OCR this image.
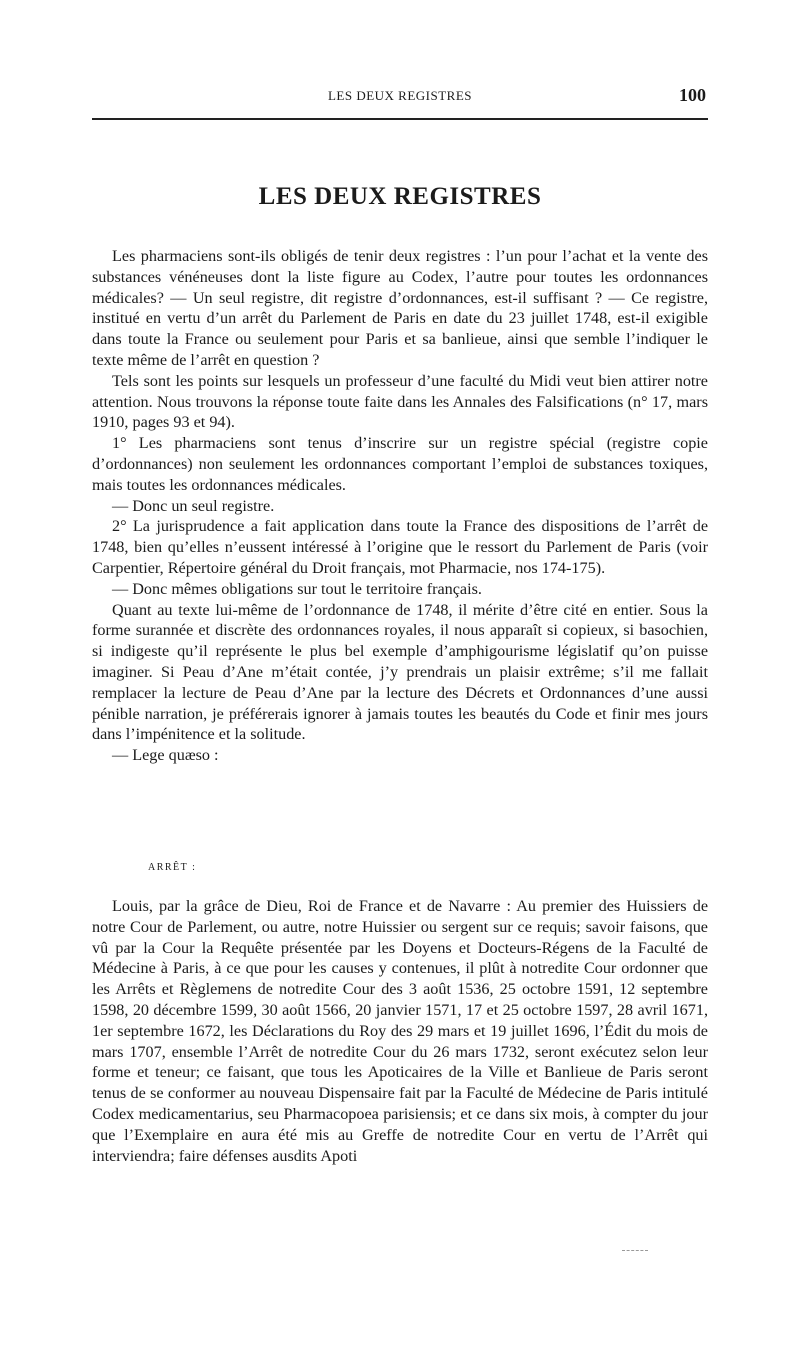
LES DEUX REGISTRES	100
LES DEUX REGISTRES

Les pharmaciens sont-ils obligés de tenir deux registres : l’un pour l’achat et la vente des substances vénéneuses dont la liste figure au Codex, l’autre pour toutes les ordonnances médicales? — Un seul registre, dit registre d’ordonnances, est-il suffisant ? — Ce registre, institué en vertu d’un arrêt du Parlement de Paris en date du 23 juillet 1748, est-il exigible dans toute la France ou seulement pour Paris et sa banlieue, ainsi que semble l’indiquer le texte même de l’arrêt en question ?

Tels sont les points sur lesquels un professeur d’une faculté du Midi veut bien attirer notre attention. Nous trouvons la réponse toute faite dans les Annales des Falsifications (n° 17, mars 1910, pages 93 et 94).

1° Les pharmaciens sont tenus d’inscrire sur un registre spécial (registre copie d’ordonnances) non seulement les ordonnances comportant l’emploi de substances toxiques, mais toutes les ordonnances médicales.

— Donc un seul registre.

2° La jurisprudence a fait application dans toute la France des dispositions de l’arrêt de 1748, bien qu’elles n’eussent intéressé à l’origine que le ressort du Parlement de Paris (voir Carpentier, Répertoire général du Droit français, mot Pharmacie, nos 174-175).

— Donc mêmes obligations sur tout le territoire français.

Quant au texte lui-même de l’ordonnance de 1748, il mérite d’être cité en entier. Sous la forme surannée et discrète des ordonnances royales, il nous apparaît si copieux, si basochien, si indigeste qu’il représente le plus bel exemple d’amphigourisme législatif qu’on puisse imaginer. Si Peau d’Ane m’était contée, j’y prendrais un plaisir extrême; s’il me fallait remplacer la lecture de Peau d’Ane par la lecture des Décrets et Ordonnances d’une aussi pénible narration, je préférerais ignorer à jamais toutes les beautés du Code et finir mes jours dans l’impénitence et la solitude.

— Lege quæso :

ARRÊT :

Louis, par la grâce de Dieu, Roi de France et de Navarre : Au premier des Huissiers de notre Cour de Parlement, ou autre, notre Huissier ou sergent sur ce requis; savoir faisons, que vû par la Cour la Requête présentée par les Doyens et Docteurs-Régens de la Faculté de Médecine à Paris, à ce que pour les causes y contenues, il plût à notredite Cour ordonner que les Arrêts et Règlemens de notredite Cour des 3 août 1536, 25 octobre 1591, 12 septembre 1598, 20 décembre 1599, 30 août 1566, 20 janvier 1571, 17 et 25 octobre 1597, 28 avril 1671, 1er septembre 1672, les Déclarations du Roy des 29 mars et 19 juillet 1696, l’Édit du mois de mars 1707, ensemble l’Arrêt de notredite Cour du 26 mars 1732, seront exécutez selon leur forme et teneur; ce faisant, que tous les Apoticaires de la Ville et Banlieue de Paris seront tenus de se conformer au nouveau Dispensaire fait par la Faculté de Médecine de Paris intitulé Codex medicamentarius, seu Pharmacopoea parisiensis; et ce dans six mois, à compter du jour que l’Exemplaire en aura été mis au Greffe de notredite Cour en vertu de l’Arrêt qui interviendra; faire défenses ausdits Apoti
